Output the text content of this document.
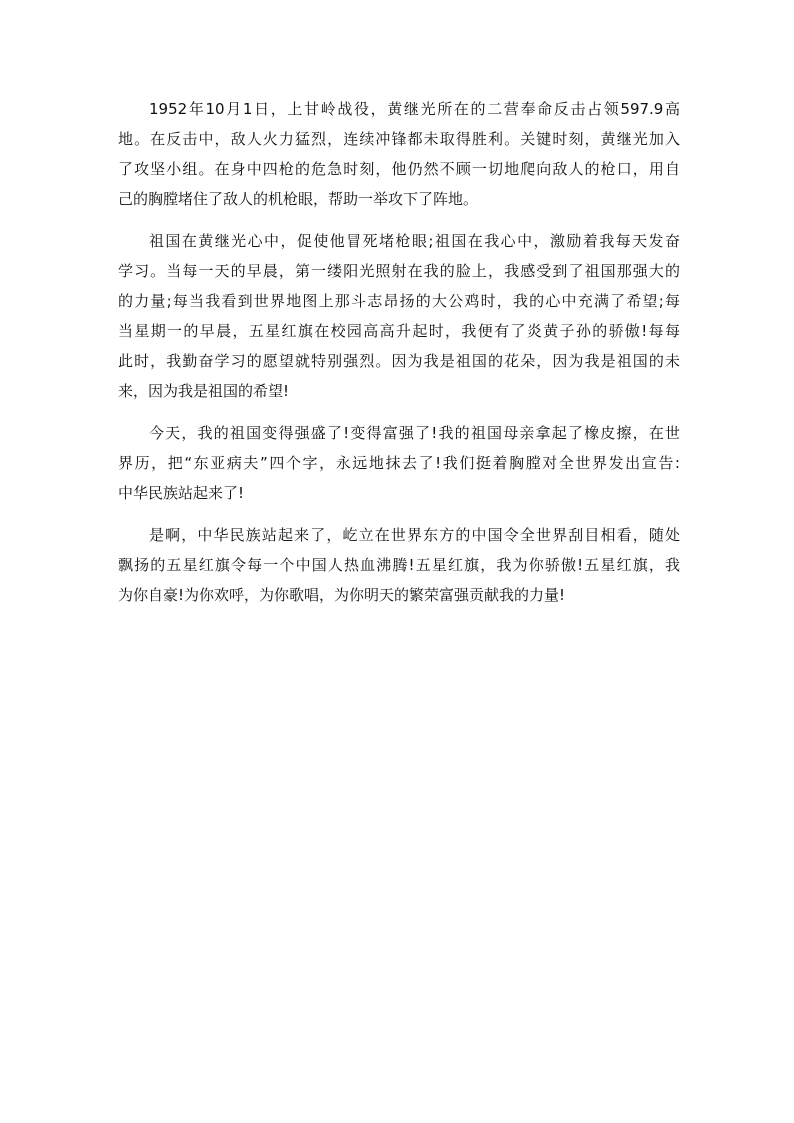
1952年10月1日，上甘岭战役，黄继光所在的二营奉命反击占领597.9高
地。在反击中，敌人火力猛烈，连续冲锋都未取得胜利。关键时刻，黄继光加入
了攻坚小组。在身中四枪的危急时刻，他仍然不顾一切地爬向敌人的枪口，用自
己的胸膛堵住了敌人的机枪眼，帮助一举攻下了阵地。
祖国在黄继光心中，促使他冒死堵枪眼;祖国在我心中，激励着我每天发奋
学习。当每一天的早晨，第一缕阳光照射在我的脸上，我感受到了祖国那强大的
的力量;每当我看到世界地图上那斗志昂扬的大公鸡时，我的心中充满了希望;每
当星期一的早晨，五星红旗在校园高高升起时，我便有了炎黄子孙的骄傲!每每
此时，我勤奋学习的愿望就特别强烈。因为我是祖国的花朵，因为我是祖国的未
来，因为我是祖国的希望!
今天，我的祖国变得强盛了!变得富强了!我的祖国母亲拿起了橡皮擦，在世
界历，把“东亚病夫”四个字，永远地抹去了!我们挺着胸膛对全世界发出宣告:
中华民族站起来了!
是啊，中华民族站起来了，屹立在世界东方的中国令全世界刮目相看，随处
飘扬的五星红旗令每一个中国人热血沸腾!五星红旗，我为你骄傲!五星红旗，我
为你自豪!为你欢呼，为你歌唱，为你明天的繁荣富强贡献我的力量!
